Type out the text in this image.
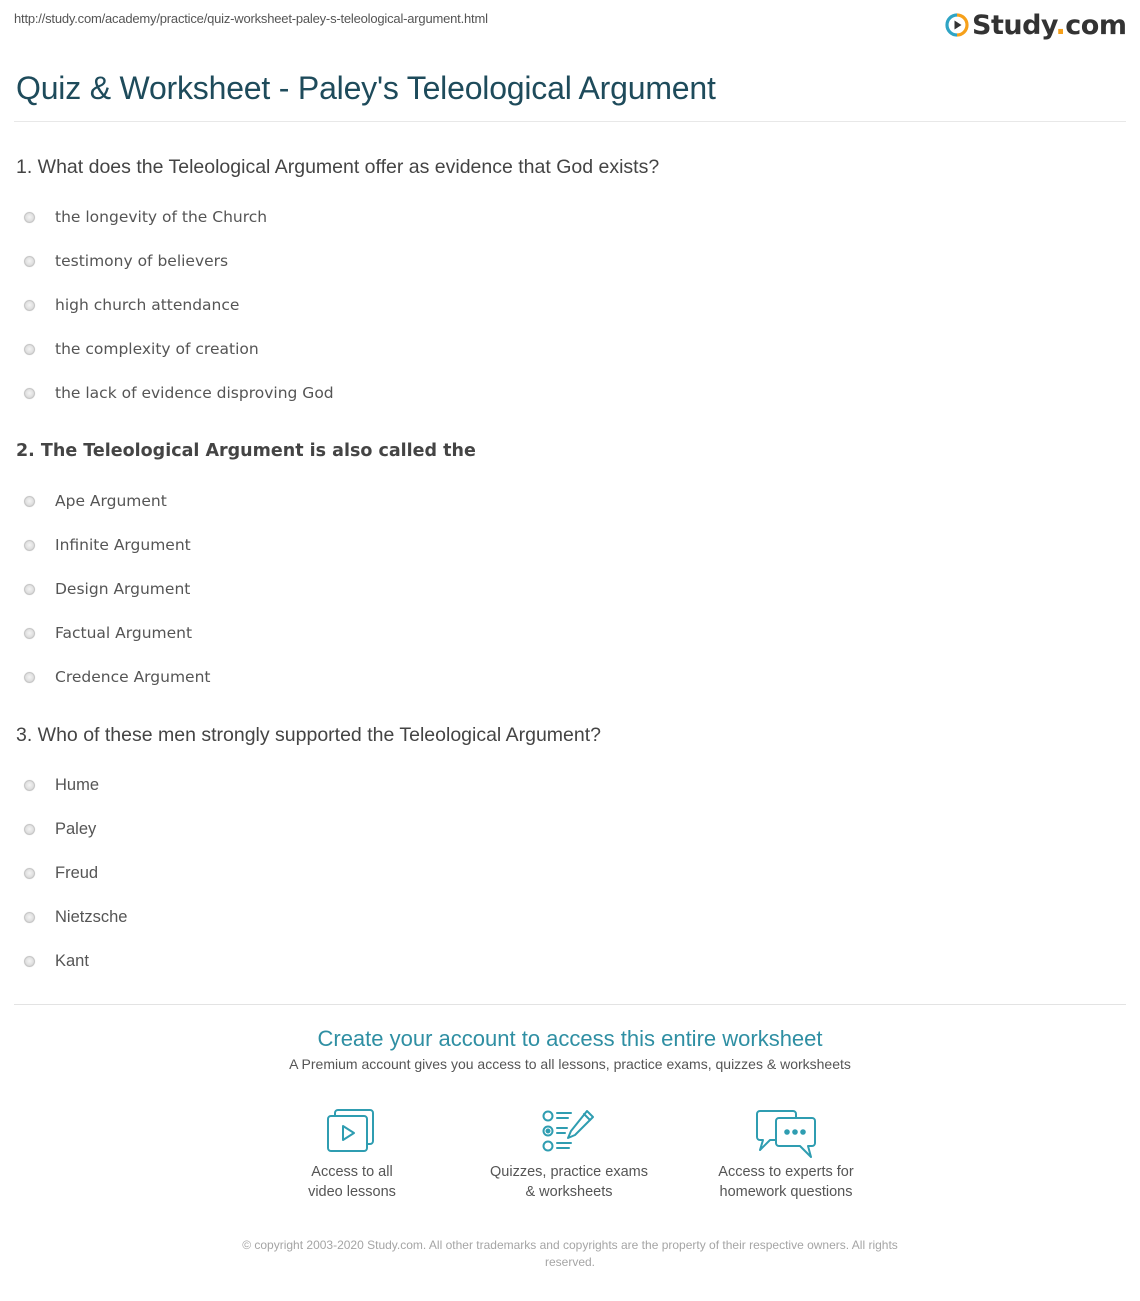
http://study.com/academy/practice/quiz-worksheet-paley-s-teleological-argument.html	Study.com
Quiz & Worksheet - Paley's Teleological Argument
1. What does the Teleological Argument offer as evidence that God exists?
the longevity of the Church
testimony of believers
high church attendance
the complexity of creation
the lack of evidence disproving God
2. The Teleological Argument is also called the
Ape Argument
Infinite Argument
Design Argument
Factual Argument
Credence Argument
3. Who of these men strongly supported the Teleological Argument?
Hume
Paley
Freud
Nietzsche
Kant
Create your account to access this entire worksheet
A Premium account gives you access to all lessons, practice exams, quizzes & worksheets
Access to all
video lessons
Quizzes, practice exams
& worksheets
Access to experts for
homework questions
© copyright 2003-2020 Study.com. All other trademarks and copyrights are the property of their respective owners. All rights
reserved.
